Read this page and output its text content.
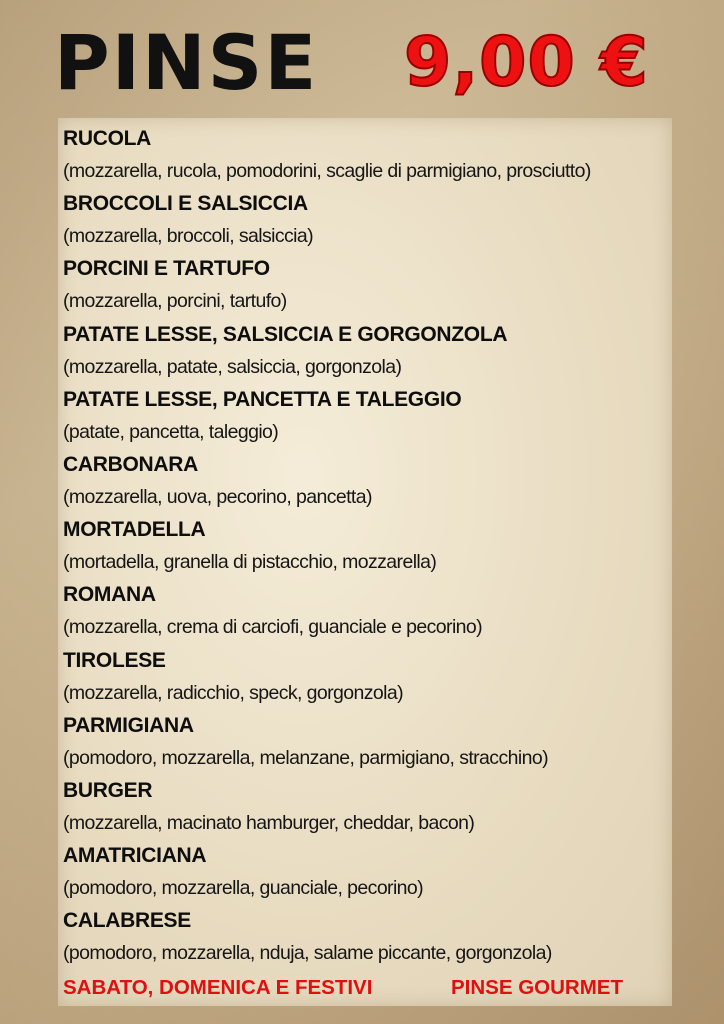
PINSE 9,00 €
RUCOLA
(mozzarella, rucola, pomodorini, scaglie di parmigiano, prosciutto)
BROCCOLI E SALSICCIA
(mozzarella, broccoli, salsiccia)
PORCINI E TARTUFO
(mozzarella, porcini, tartufo)
PATATE LESSE, SALSICCIA E GORGONZOLA
(mozzarella, patate, salsiccia, gorgonzola)
PATATE LESSE, PANCETTA E TALEGGIO
(patate, pancetta, taleggio)
CARBONARA
(mozzarella, uova, pecorino, pancetta)
MORTADELLA
(mortadella, granella di pistacchio, mozzarella)
ROMANA
(mozzarella, crema di carciofi, guanciale e pecorino)
TIROLESE
(mozzarella, radicchio, speck, gorgonzola)
PARMIGIANA
(pomodoro, mozzarella, melanzane, parmigiano, stracchino)
BURGER
(mozzarella, macinato hamburger, cheddar, bacon)
AMATRICIANA
(pomodoro, mozzarella, guanciale, pecorino)
CALABRESE
(pomodoro, mozzarella, nduja, salame piccante, gorgonzola)
SABATO, DOMENICA E FESTIVI	PINSE GOURMET
